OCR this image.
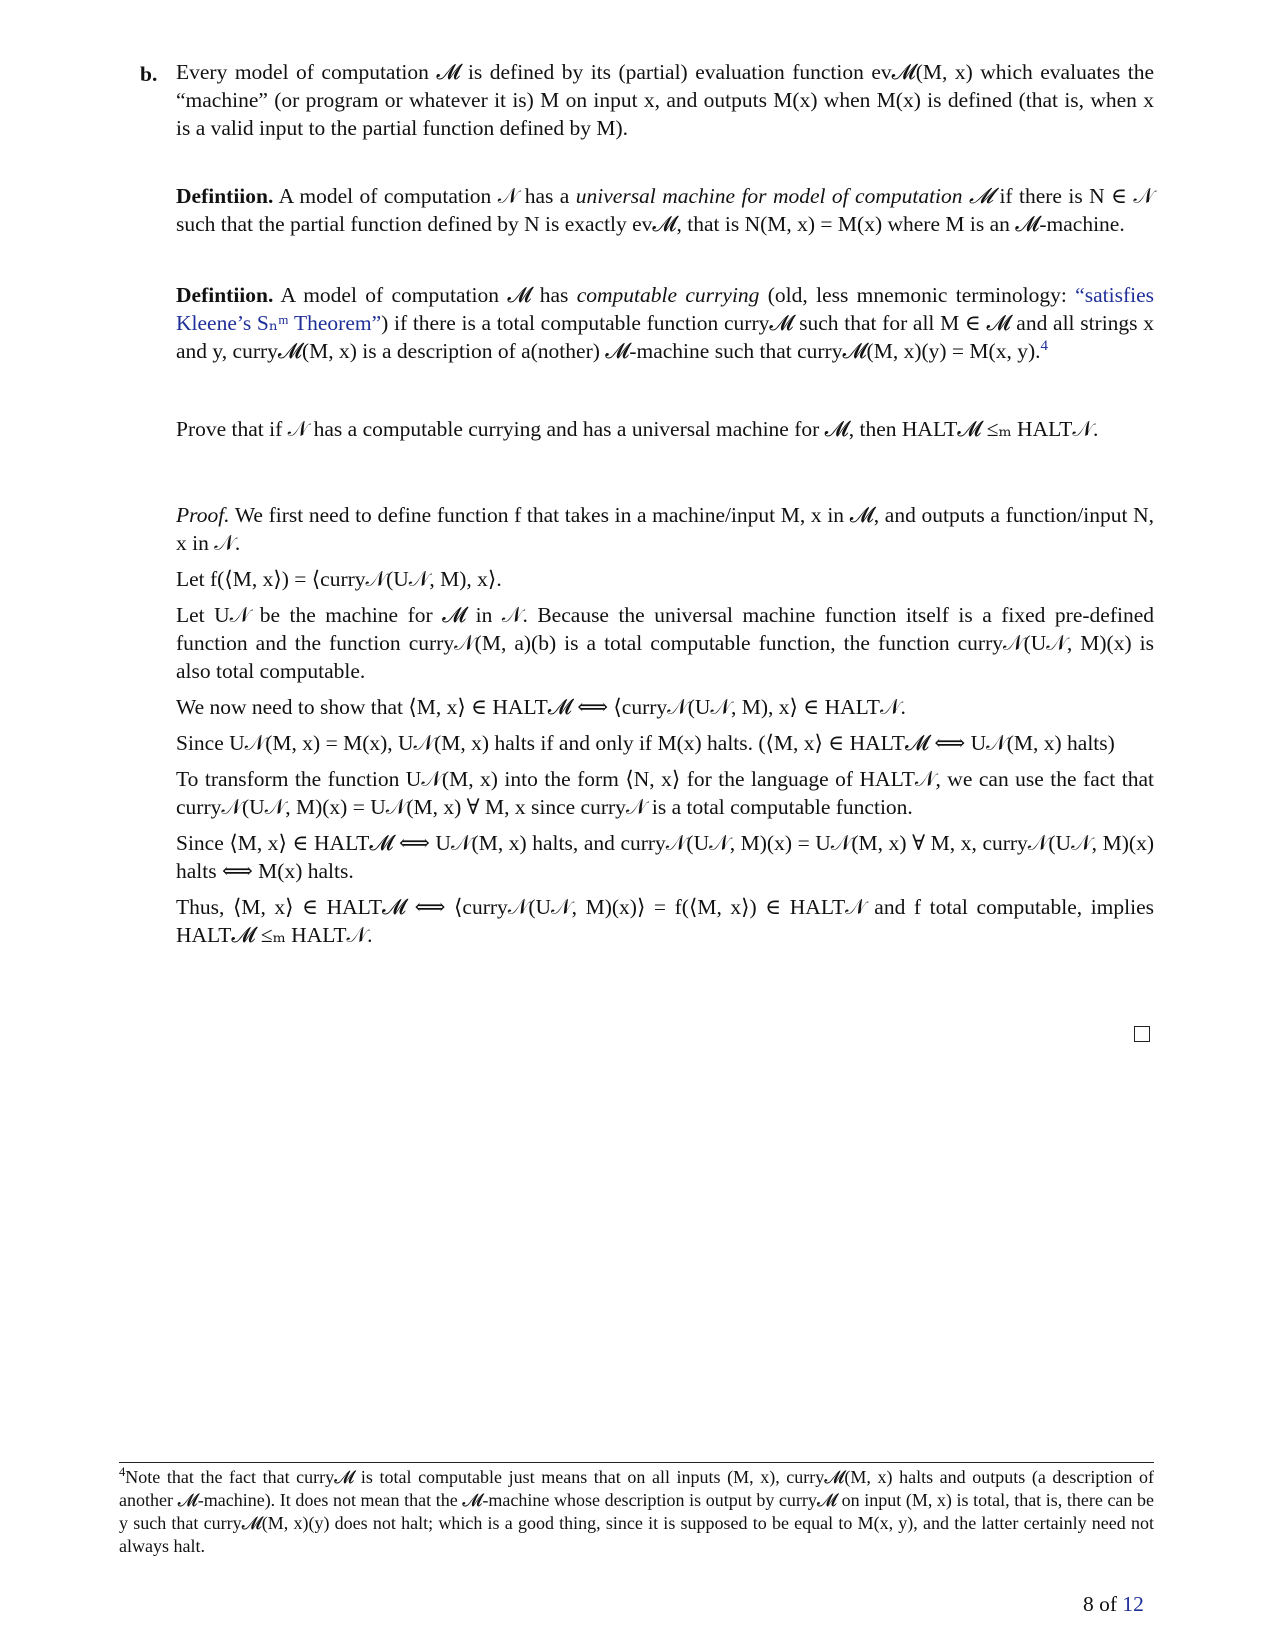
b. Every model of computation 𝓜 is defined by its (partial) evaluation function ev𝓜(M, x) which evaluates the “machine” (or program or whatever it is) M on input x, and outputs M(x) when M(x) is defined (that is, when x is a valid input to the partial function defined by M).

Defintiion. A model of computation 𝒩 has a universal machine for model of computation 𝓜 if there is N ∈ 𝒩 such that the partial function defined by N is exactly ev𝓜, that is N(M, x) = M(x) where M is an 𝓜-machine.

Defintiion. A model of computation 𝓜 has computable currying (old, less mnemonic terminology: “satisfies Kleene’s Sₙᵐ Theorem”) if there is a total computable function curry𝓜 such that for all M ∈ 𝓜 and all strings x and y, curry𝓜(M, x) is a description of a(nother) 𝓜-machine such that curry𝓜(M, x)(y) = M(x, y).$^4$

Prove that if 𝒩 has a computable currying and has a universal machine for 𝓜, then HALT𝓜 ≤ₘ HALT𝒩.

Proof. We first need to define function f that takes in a machine/input M, x in 𝓜, and outputs a function/input N, x in 𝒩.

Let f(⟨M, x⟩) = ⟨curry𝒩(U𝒩, M), x⟩.

Let U𝒩 be the machine for 𝓜 in 𝒩. Because the universal machine function itself is a fixed pre-defined function and the function curry𝒩(M, a)(b) is a total computable function, the function curry𝒩(U𝒩, M)(x) is also total computable.

We now need to show that ⟨M, x⟩ ∈ HALT𝓜 ⟺ ⟨curry𝒩(U𝒩, M), x⟩ ∈ HALT𝒩.

Since U𝒩(M, x) = M(x), U𝒩(M, x) halts if and only if M(x) halts. (⟨M, x⟩ ∈ HALT𝓜 ⟺ U𝒩(M, x) halts)

To transform the function U𝒩(M, x) into the form ⟨N, x⟩ for the language of HALT𝒩, we can use the fact that curry𝒩(U𝒩, M)(x) = U𝒩(M, x) ∀ M, x since curry𝒩 is a total computable function.

Since ⟨M, x⟩ ∈ HALT𝓜 ⟺ U𝒩(M, x) halts, and curry𝒩(U𝒩, M)(x) = U𝒩(M, x) ∀ M, x, curry𝒩(U𝒩, M)(x) halts ⟺ M(x) halts.

Thus, ⟨M, x⟩ ∈ HALT𝓜 ⟺ ⟨curry𝒩(U𝒩, M)(x)⟩ = f(⟨M, x⟩) ∈ HALT𝒩 and f total computable, implies HALT𝓜 ≤ₘ HALT𝒩.

$^4$Note that the fact that curry𝓜 is total computable just means that on all inputs (M, x), curry𝓜(M, x) halts and outputs (a description of another 𝓜-machine). It does not mean that the 𝓜-machine whose description is output by curry𝓜 on input (M, x) is total, that is, there can be y such that curry𝓜(M, x)(y) does not halt; which is a good thing, since it is supposed to be equal to M(x, y), and the latter certainly need not always halt.

8 of 12
